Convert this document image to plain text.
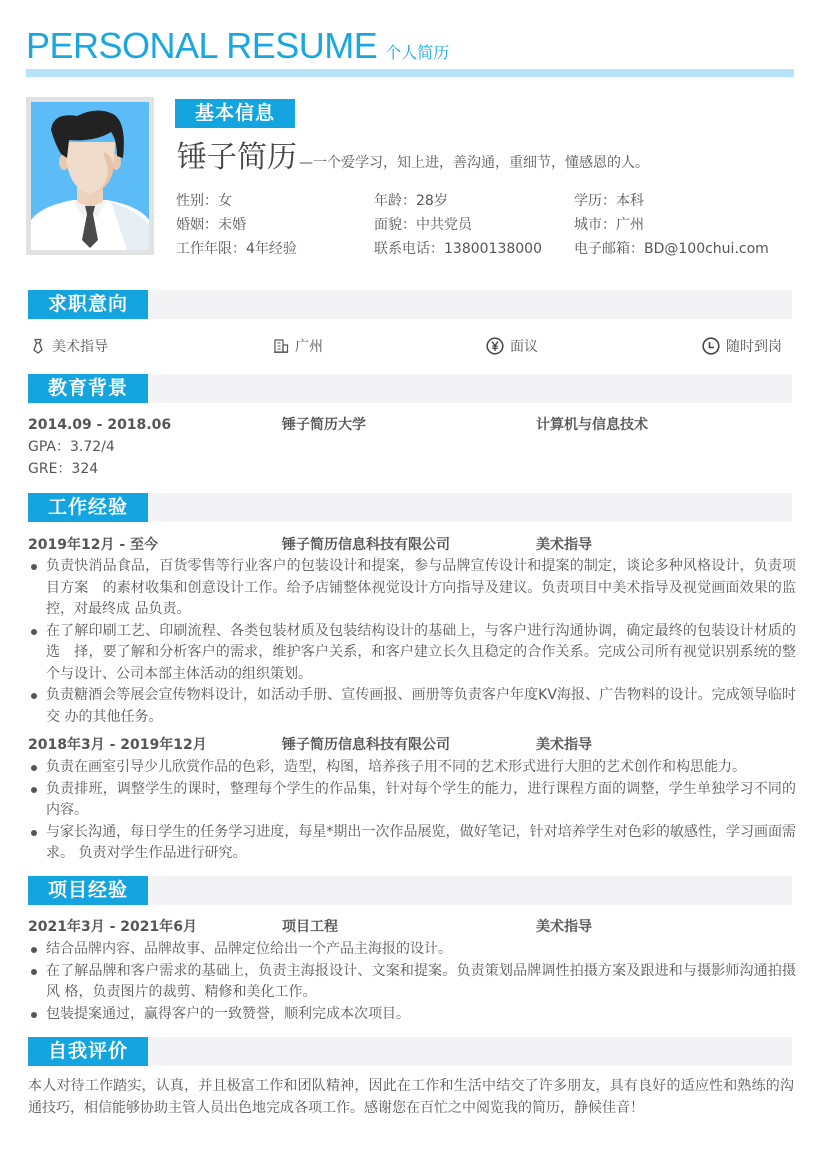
PERSONAL RESUME 个人简历
基本信息
锤子简历 —一个爱学习，知上进，善沟通，重细节，懂感恩的人。
性别：女	年龄：28岁	学历：本科
婚姻：未婚	面貌：中共党员	城市：广州
工作年限：4年经验	联系电话：13800138000	电子邮箱：BD@100chui.com
求职意向
美术指导	广州	面议	随时到岗
教育背景
2014.09 - 2018.06	锤子简历大学	计算机与信息技术
GPA：3.72/4
GRE：324
工作经验
2019年12月 - 至今	锤子简历信息科技有限公司	美术指导
负责快消品食品，百货零售等行业客户的包装设计和提案，参与品牌宣传设计和提案的制定，谈论多种风格设计，负责项目方案　的素材收集和创意设计工作。给予店铺整体视觉设计方向指导及建议。负责项目中美术指导及视觉画面效果的监控，对最终成 品负责。
在了解印刷工艺、印刷流程、各类包装材质及包装结构设计的基础上，与客户进行沟通协调，确定最终的包装设计材质的选　择，要了解和分析客户的需求，维护客户关系，和客户建立长久且稳定的合作关系。完成公司所有视觉识别系统的整个与设计、公司本部主体活动的组织策划。
负责糖酒会等展会宣传物料设计，如活动手册、宣传画报、画册等负责客户年度KV海报、广告物料的设计。完成领导临时交 办的其他任务。
2018年3月 - 2019年12月	锤子简历信息科技有限公司	美术指导
负责在画室引导少儿欣赏作品的色彩，造型，构图，培养孩子用不同的艺术形式进行大胆的艺术创作和构思能力。
负责排班，调整学生的课时，整理每个学生的作品集，针对每个学生的能力，进行课程方面的调整，学生单独学习不同的内容。
与家长沟通，每日学生的任务学习进度，每星*期出一次作品展览，做好笔记，针对培养学生对色彩的敏感性，学习画面需求。 负责对学生作品进行研究。
项目经验
2021年3月 - 2021年6月	项目工程	美术指导
结合品牌内容、品牌故事、品牌定位给出一个产品主海报的设计。
在了解品牌和客户需求的基础上，负责主海报设计、文案和提案。负责策划品牌调性拍摄方案及跟进和与摄影师沟通拍摄风 格，负责图片的裁剪、精修和美化工作。
包装提案通过，赢得客户的一致赞誉，顺利完成本次项目。
自我评价
本人对待工作踏实，认真，并且极富工作和团队精神，因此在工作和生活中结交了许多朋友，具有良好的适应性和熟练的沟通技巧，相信能够协助主管人员出色地完成各项工作。感谢您在百忙之中阅览我的简历，静候佳音！
